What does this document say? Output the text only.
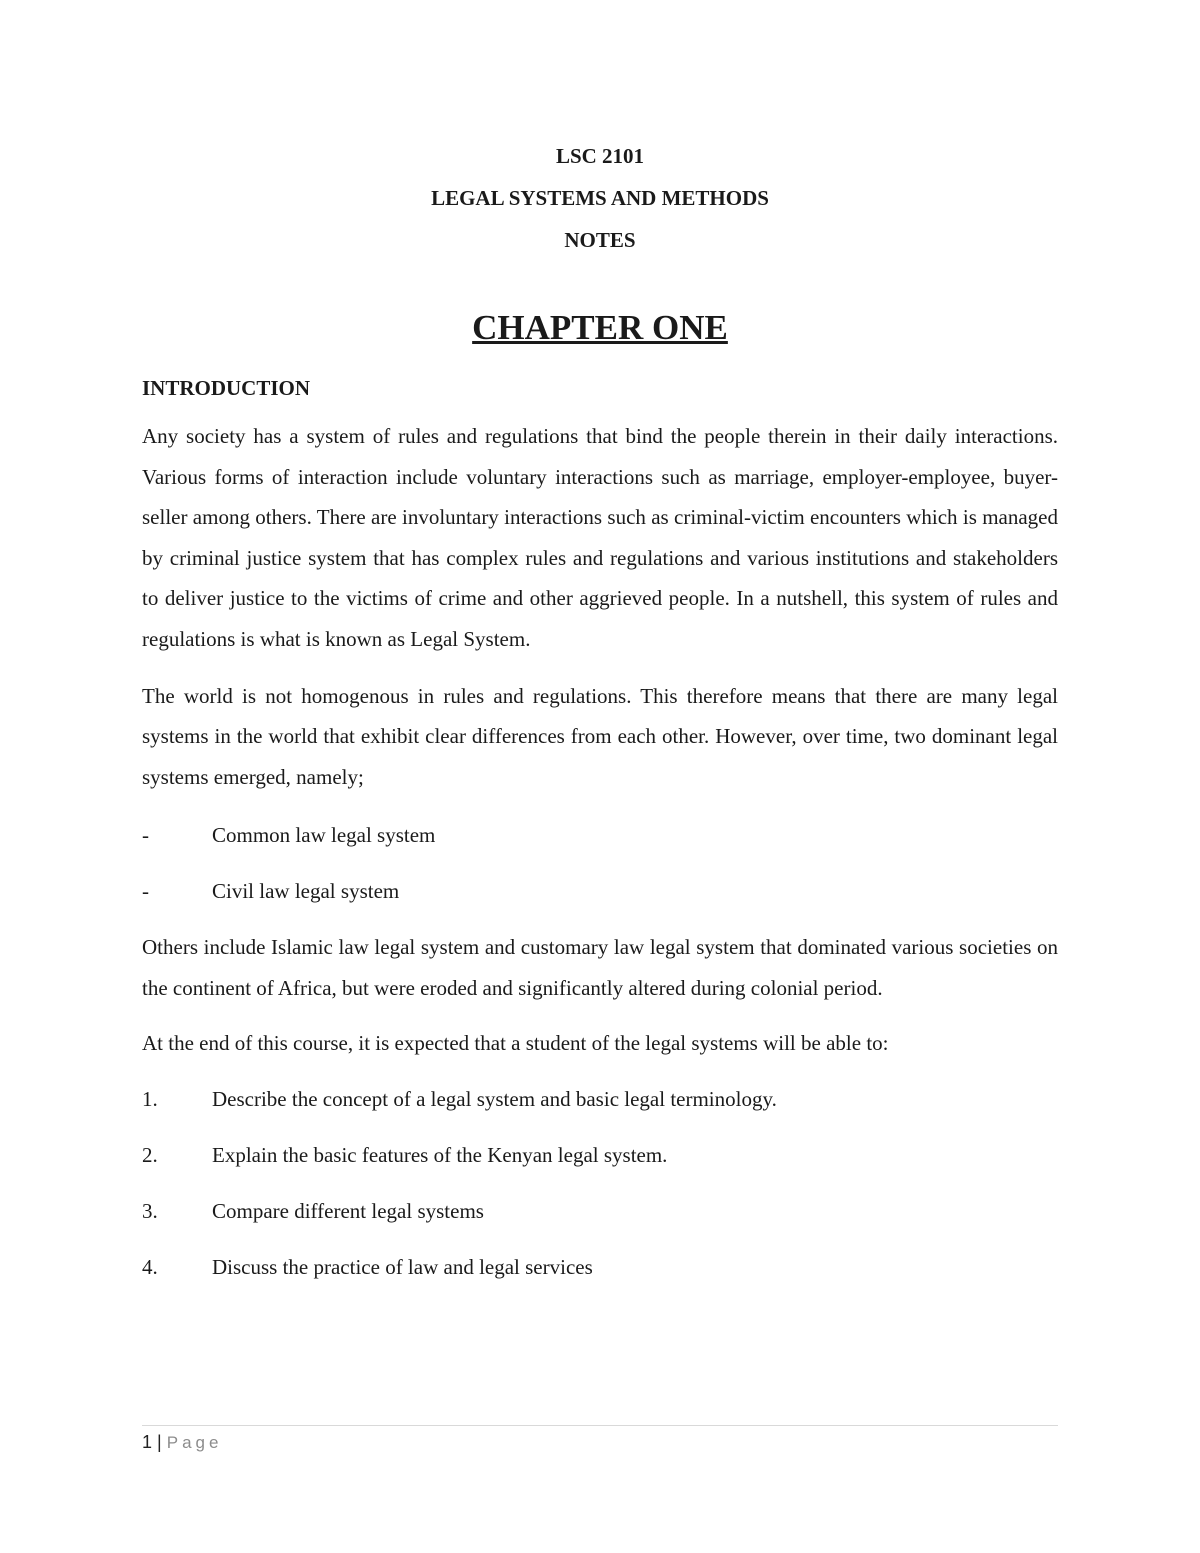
LSC 2101
LEGAL SYSTEMS AND METHODS
NOTES
CHAPTER ONE
INTRODUCTION

Any society has a system of rules and regulations that bind the people therein in their daily interactions. Various forms of interaction include voluntary interactions such as marriage, employer-employee, buyer-seller among others. There are involuntary interactions such as criminal-victim encounters which is managed by criminal justice system that has complex rules and regulations and various institutions and stakeholders to deliver justice to the victims of crime and other aggrieved people. In a nutshell, this system of rules and regulations is what is known as Legal System.

The world is not homogenous in rules and regulations. This therefore means that there are many legal systems in the world that exhibit clear differences from each other. However, over time, two dominant legal systems emerged, namely;

-	Common law legal system
-	Civil law legal system

Others include Islamic law legal system and customary law legal system that dominated various societies on the continent of Africa, but were eroded and significantly altered during colonial period.

At the end of this course, it is expected that a student of the legal systems will be able to:

1.	Describe the concept of a legal system and basic legal terminology.
2.	Explain the basic features of the Kenyan legal system.
3.	Compare different legal systems
4.	Discuss the practice of law and legal services
1 | Page
